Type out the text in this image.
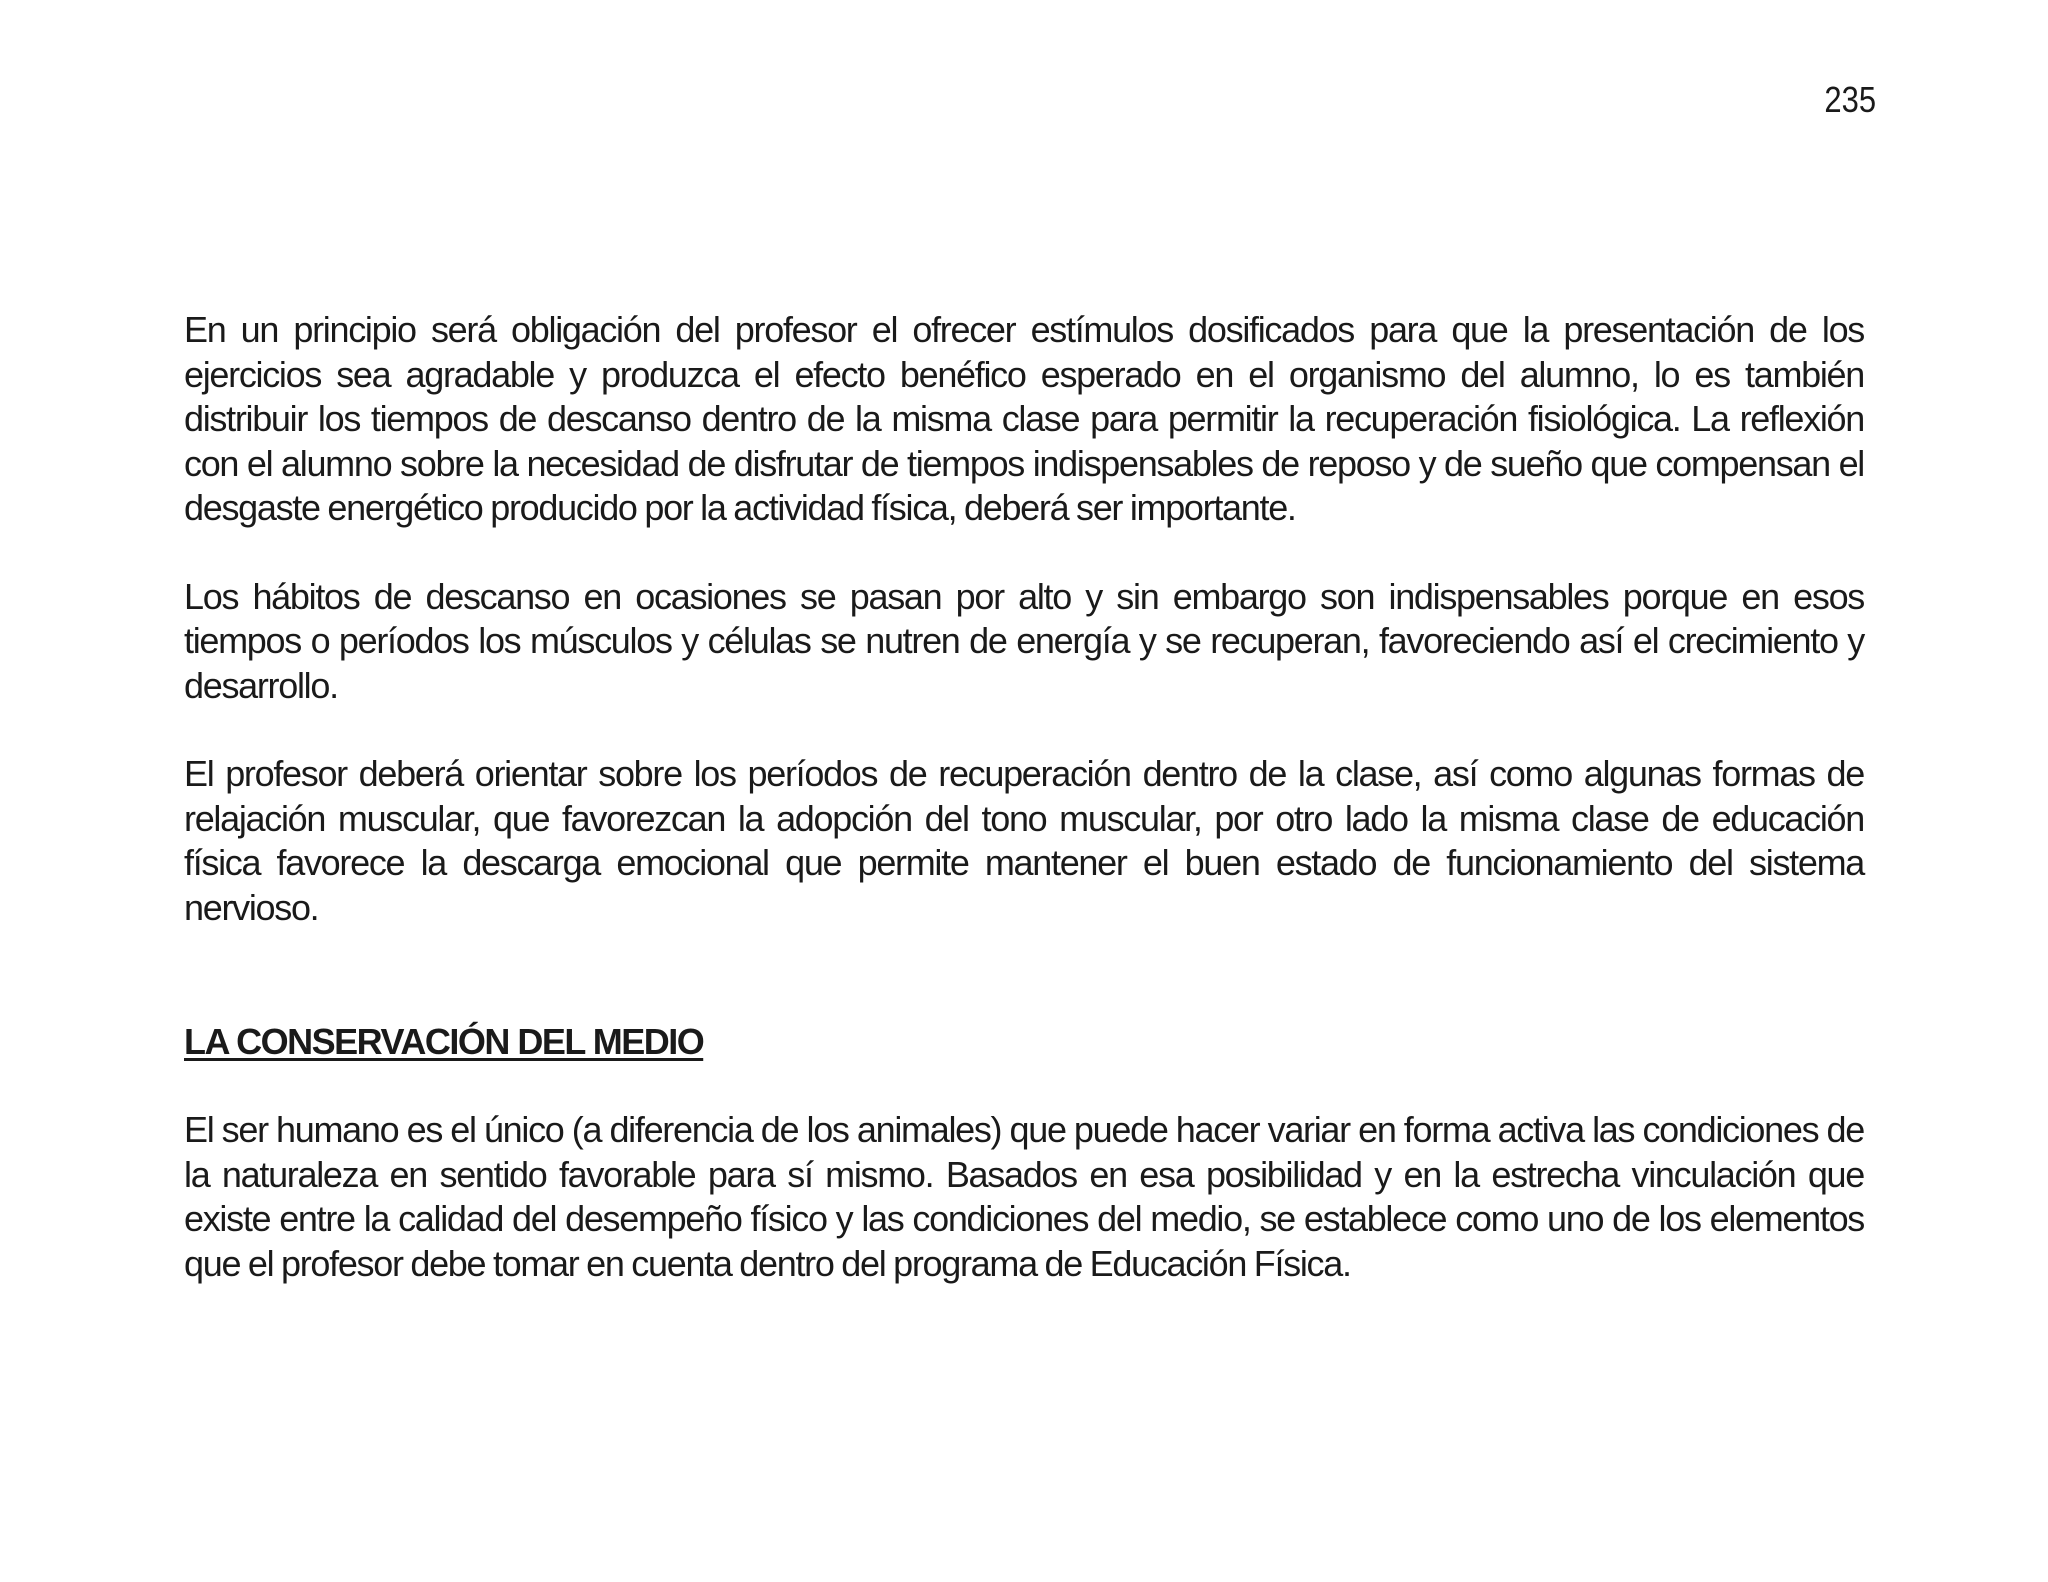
235

En un principio será obligación del profesor el ofrecer estímulos dosificados para que la presentación de los ejercicios sea agradable y produzca el efecto benéfico esperado en el organismo del alumno, lo es también distribuir los tiempos de descanso dentro de la misma clase para permitir la recuperación fisiológica. La reflexión con el alumno sobre la necesidad de disfrutar de tiempos indispensables de reposo y de sueño que compensan el desgaste energético producido por la actividad física, deberá ser importante.

Los hábitos de descanso en ocasiones se pasan por alto y sin embargo son indispensables porque en esos tiempos o períodos los músculos y células se nutren de energía y se recuperan, favoreciendo así el crecimiento y desarrollo.

El profesor deberá orientar sobre los períodos de recuperación dentro de la clase, así como algunas formas de relajación muscular, que favorezcan la adopción del tono muscular, por otro lado la misma clase de educación física favorece la descarga emocional que permite mantener el buen estado de funcionamiento del sistema nervioso.

LA CONSERVACIÓN DEL MEDIO

El ser humano es el único (a diferencia de los animales) que puede hacer variar en forma activa las condiciones de la naturaleza en sentido favorable para sí mismo. Basados en esa posibilidad y en la estrecha vinculación que existe entre la calidad del desempeño físico y las condiciones del medio, se establece como uno de los elementos que el profesor debe tomar en cuenta dentro del programa de Educación Física.
